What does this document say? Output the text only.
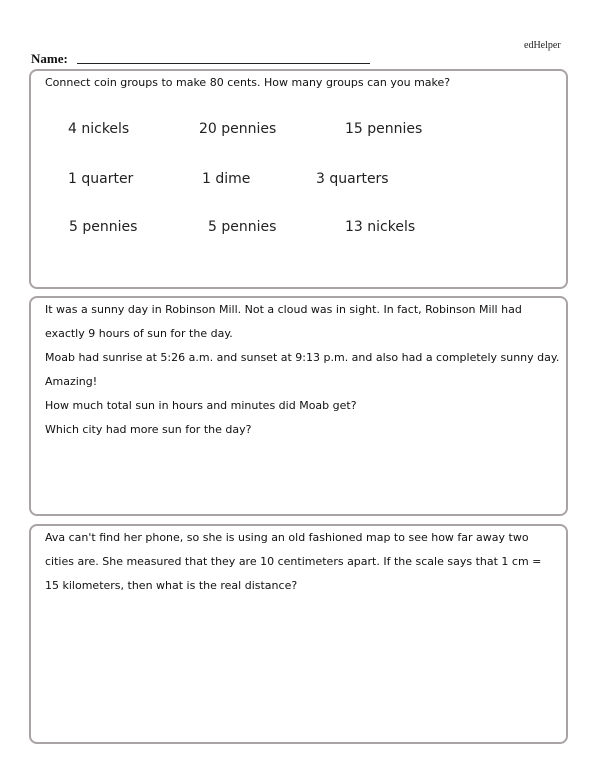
edHelper
Name:
Connect coin groups to make 80 cents. How many groups can you make?
4 nickels	20 pennies	15 pennies
1 quarter	1 dime	3 quarters
5 pennies	5 pennies	13 nickels
It was a sunny day in Robinson Mill. Not a cloud was in sight. In fact, Robinson Mill had
exactly 9 hours of sun for the day.
Moab had sunrise at 5:26 a.m. and sunset at 9:13 p.m. and also had a completely sunny day.
Amazing!
How much total sun in hours and minutes did Moab get?
Which city had more sun for the day?
Ava can't find her phone, so she is using an old fashioned map to see how far away two
cities are. She measured that they are 10 centimeters apart. If the scale says that 1 cm =
15 kilometers, then what is the real distance?
